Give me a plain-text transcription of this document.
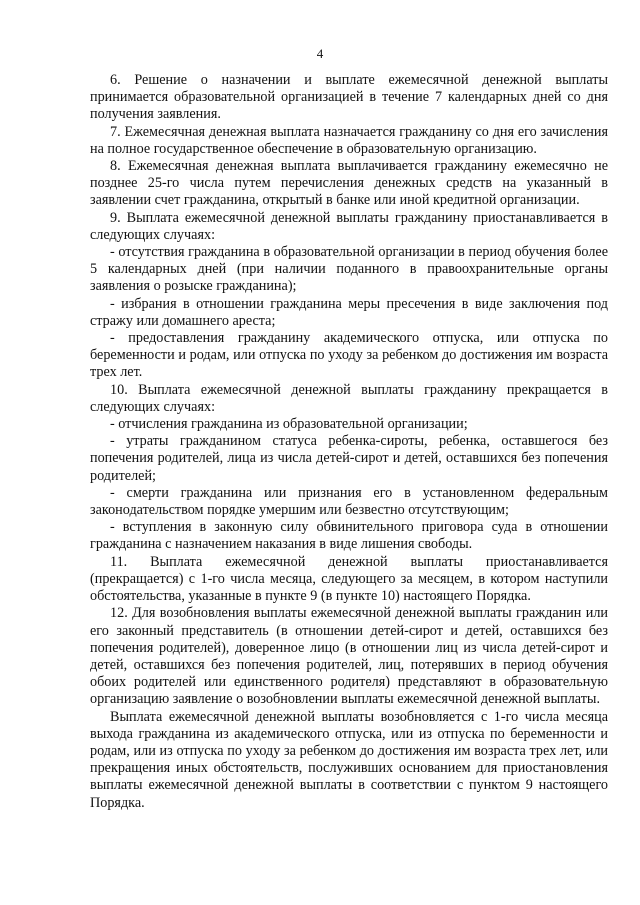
4

6. Решение о назначении и выплате ежемесячной денежной выплаты принимается образовательной организацией в течение 7 календарных дней со дня получения заявления.

7. Ежемесячная денежная выплата назначается гражданину со дня его зачисления на полное государственное обеспечение в образовательную организацию.

8. Ежемесячная денежная выплата выплачивается гражданину ежемесячно не позднее 25-го числа путем перечисления денежных средств на указанный в заявлении счет гражданина, открытый в банке или иной кредитной организации.

9. Выплата ежемесячной денежной выплаты гражданину приостанавливается в следующих случаях:

- отсутствия гражданина в образовательной организации в период обучения более 5 календарных дней (при наличии поданного в правоохранительные органы заявления о розыске гражданина);

- избрания в отношении гражданина меры пресечения в виде заключения под стражу или домашнего ареста;

- предоставления гражданину академического отпуска, или отпуска по беременности и родам, или отпуска по уходу за ребенком до достижения им возраста трех лет.

10. Выплата ежемесячной денежной выплаты гражданину прекращается в следующих случаях:

- отчисления гражданина из образовательной организации;

- утраты гражданином статуса ребенка-сироты, ребенка, оставшегося без попечения родителей, лица из числа детей-сирот и детей, оставшихся без попечения родителей;

- смерти гражданина или признания его в установленном федеральным законодательством порядке умершим или безвестно отсутствующим;

- вступления в законную силу обвинительного приговора суда в отношении гражданина с назначением наказания в виде лишения свободы.

11. Выплата ежемесячной денежной выплаты приостанавливается (прекращается) с 1-го числа месяца, следующего за месяцем, в котором наступили обстоятельства, указанные в пункте 9 (в пункте 10) настоящего Порядка.

12. Для возобновления выплаты ежемесячной денежной выплаты гражданин или его законный представитель (в отношении детей-сирот и детей, оставшихся без попечения родителей), доверенное лицо (в отношении лиц из числа детей-сирот и детей, оставшихся без попечения родителей, лиц, потерявших в период обучения обоих родителей или единственного родителя) представляют в образовательную организацию заявление о возобновлении выплаты ежемесячной денежной выплаты.

Выплата ежемесячной денежной выплаты возобновляется с 1-го числа месяца выхода гражданина из академического отпуска, или из отпуска по беременности и родам, или из отпуска по уходу за ребенком до достижения им возраста трех лет, или прекращения иных обстоятельств, послуживших основанием для приостановления выплаты ежемесячной денежной выплаты в соответствии с пунктом 9 настоящего Порядка.
